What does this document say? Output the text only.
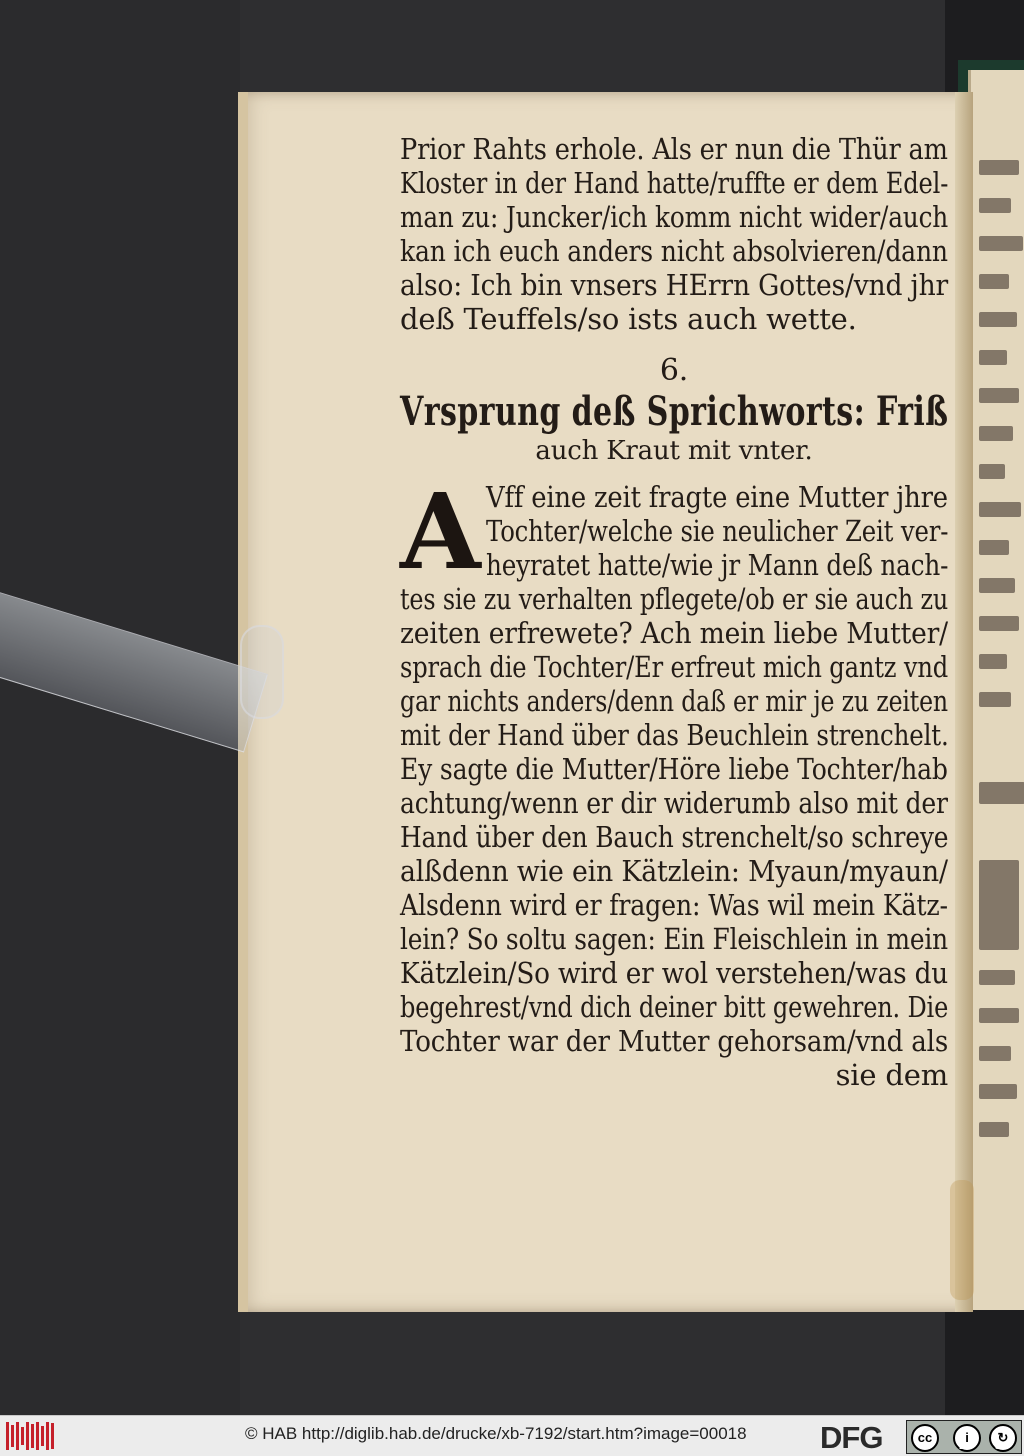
Prior Rahts erhole. Als er nun die Thür am
Kloster in der Hand hatte/ruffte er dem Edel-
man zu: Juncker/ich komm nicht wider/auch
kan ich euch anders nicht absolvieren/dann
also: Ich bin vnsers HErrn Gottes/vnd jhr
deß Teuffels/so ists auch wette.
6.
Vrsprung deß Sprichworts: Friß
auch Kraut mit vnter.
A Vff eine zeit fragte eine Mutter jhre
Tochter/welche sie neulicher Zeit ver-
heyratet hatte/wie jr Mann deß nach-
tes sie zu verhalten pflegete/ob er sie auch zu
zeiten erfrewete? Ach mein liebe Mutter/
sprach die Tochter/Er erfreut mich gantz vnd
gar nichts anders/denn daß er mir je zu zeiten
mit der Hand über das Beuchlein strenchelt.
Ey sagte die Mutter/Höre liebe Tochter/hab
achtung/wenn er dir widerumb also mit der
Hand über den Bauch strenchelt/so schreye
alßdenn wie ein Kätzlein: Myaun/myaun/
Alsdenn wird er fragen: Was wil mein Kätz-
lein? So soltu sagen: Ein Fleischlein in mein
Kätzlein/So wird er wol verstehen/was du
begehrest/vnd dich deiner bitt gewehren. Die
Tochter war der Mutter gehorsam/vnd als
sie dem
© HAB http://diglib.hab.de/drucke/xb-7192/start.htm?image=00018 DFG	cc	i	↻
BY	SA
